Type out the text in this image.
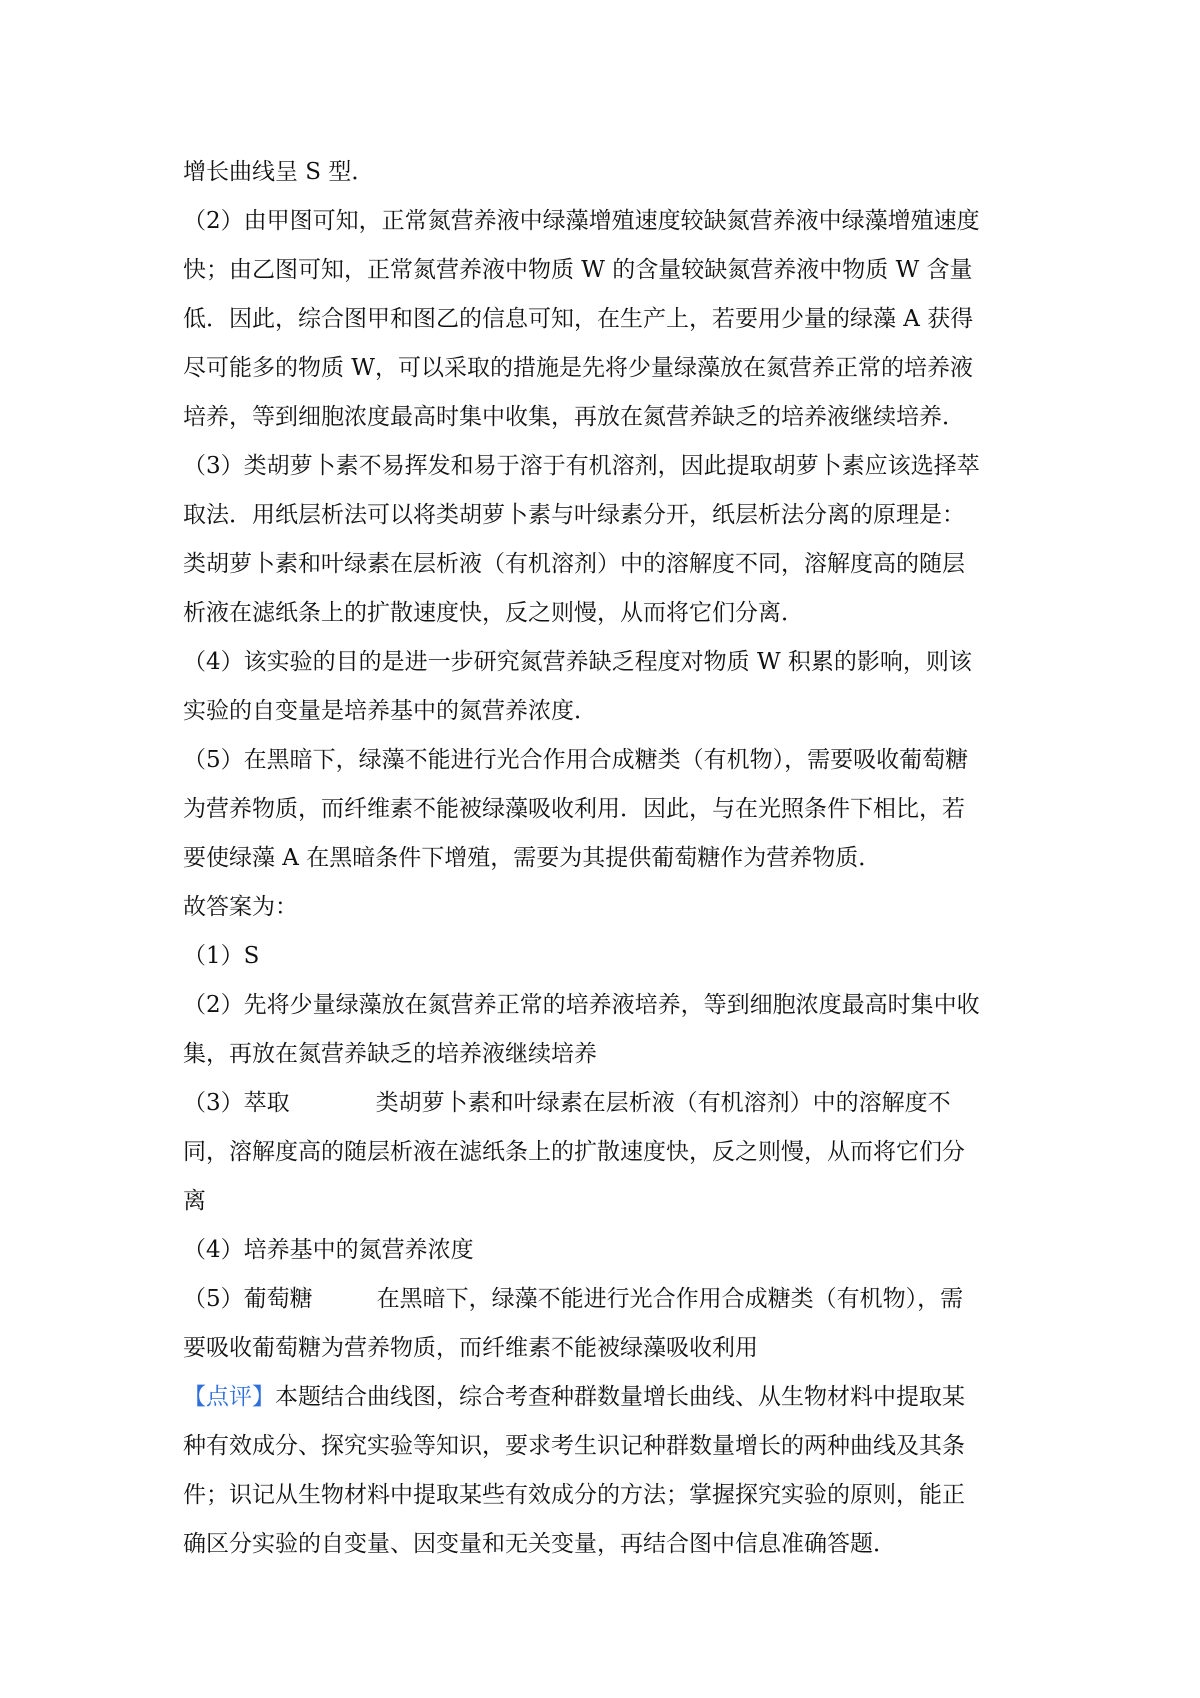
增长曲线呈 S 型．
（2）由甲图可知，正常氮营养液中绿藻增殖速度较缺氮营养液中绿藻增殖速度
快；由乙图可知，正常氮营养液中物质 W 的含量较缺氮营养液中物质 W 含量
低．因此，综合图甲和图乙的信息可知，在生产上，若要用少量的绿藻 A 获得
尽可能多的物质 W，可以采取的措施是先将少量绿藻放在氮营养正常的培养液
培养，等到细胞浓度最高时集中收集，再放在氮营养缺乏的培养液继续培养．
（3）类胡萝卜素不易挥发和易于溶于有机溶剂，因此提取胡萝卜素应该选择萃
取法．用纸层析法可以将类胡萝卜素与叶绿素分开，纸层析法分离的原理是：
类胡萝卜素和叶绿素在层析液（有机溶剂）中的溶解度不同，溶解度高的随层
析液在滤纸条上的扩散速度快，反之则慢，从而将它们分离．
（4）该实验的目的是进一步研究氮营养缺乏程度对物质 W 积累的影响，则该
实验的自变量是培养基中的氮营养浓度．
（5）在黑暗下，绿藻不能进行光合作用合成糖类（有机物），需要吸收葡萄糖
为营养物质，而纤维素不能被绿藻吸收利用．因此，与在光照条件下相比，若
要使绿藻 A 在黑暗条件下增殖，需要为其提供葡萄糖作为营养物质．
故答案为：
（1）S
（2）先将少量绿藻放在氮营养正常的培养液培养，等到细胞浓度最高时集中收
集，再放在氮营养缺乏的培养液继续培养
（3）萃取	类胡萝卜素和叶绿素在层析液（有机溶剂）中的溶解度不
同，溶解度高的随层析液在滤纸条上的扩散速度快，反之则慢，从而将它们分
离
（4）培养基中的氮营养浓度
（5）葡萄糖	在黑暗下，绿藻不能进行光合作用合成糖类（有机物），需
要吸收葡萄糖为营养物质，而纤维素不能被绿藻吸收利用
【点评】本题结合曲线图，综合考查种群数量增长曲线、从生物材料中提取某
种有效成分、探究实验等知识，要求考生识记种群数量增长的两种曲线及其条
件；识记从生物材料中提取某些有效成分的方法；掌握探究实验的原则，能正
确区分实验的自变量、因变量和无关变量，再结合图中信息准确答题．
